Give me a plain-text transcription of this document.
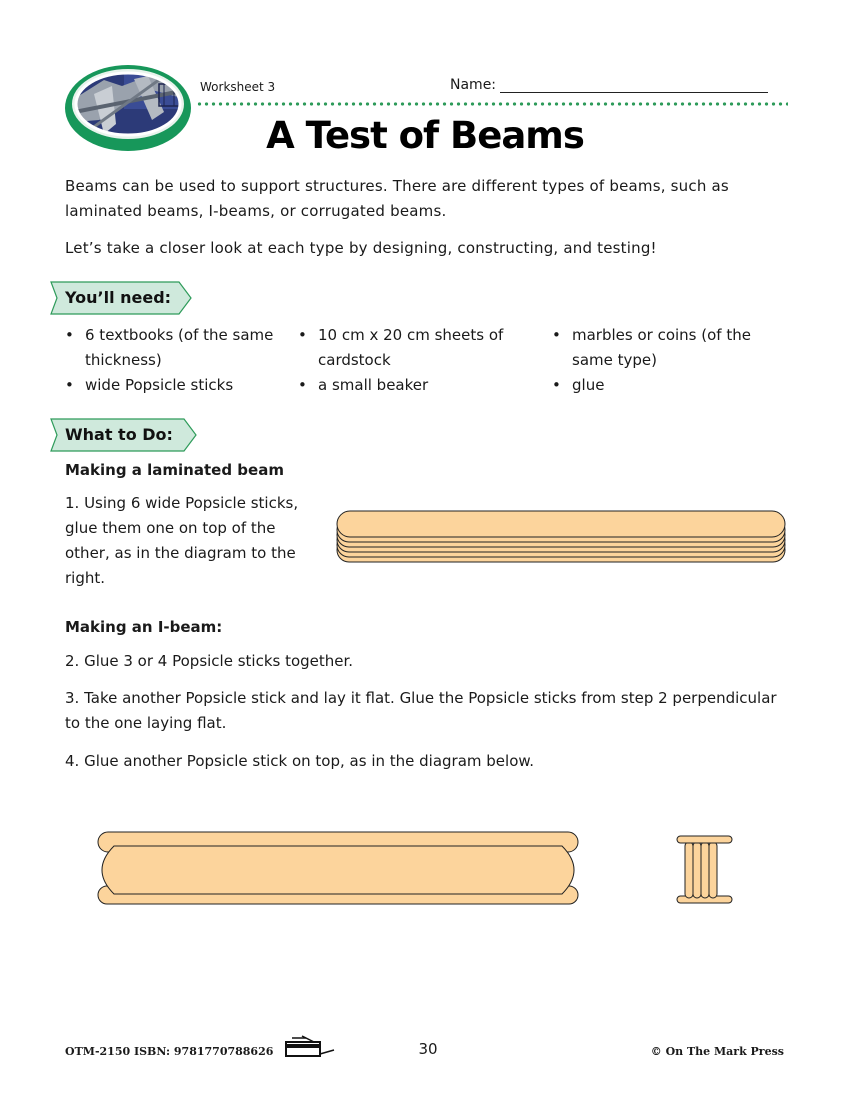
Worksheet 3	Name:
A Test of Beams
Beams can be used to support structures. There are different types of beams, such as laminated beams, I-beams, or corrugated beams.
Let’s take a closer look at each type by designing, constructing, and testing!
You’ll need:
• 6 textbooks (of the same thickness)
• wide Popsicle sticks
• 10 cm x 20 cm sheets of cardstock
• a small beaker
• marbles or coins (of the same type)
• glue
What to Do:
Making a laminated beam
1. Using 6 wide Popsicle sticks, glue them one on top of the other, as in the diagram to the right.
Making an I-beam:
2. Glue 3 or 4 Popsicle sticks together.
3. Take another Popsicle stick and lay it flat. Glue the Popsicle sticks from step 2 perpendicular to the one laying flat.
4. Glue another Popsicle stick on top, as in the diagram below.
OTM-2150 ISBN: 9781770788626	30	© On The Mark Press
